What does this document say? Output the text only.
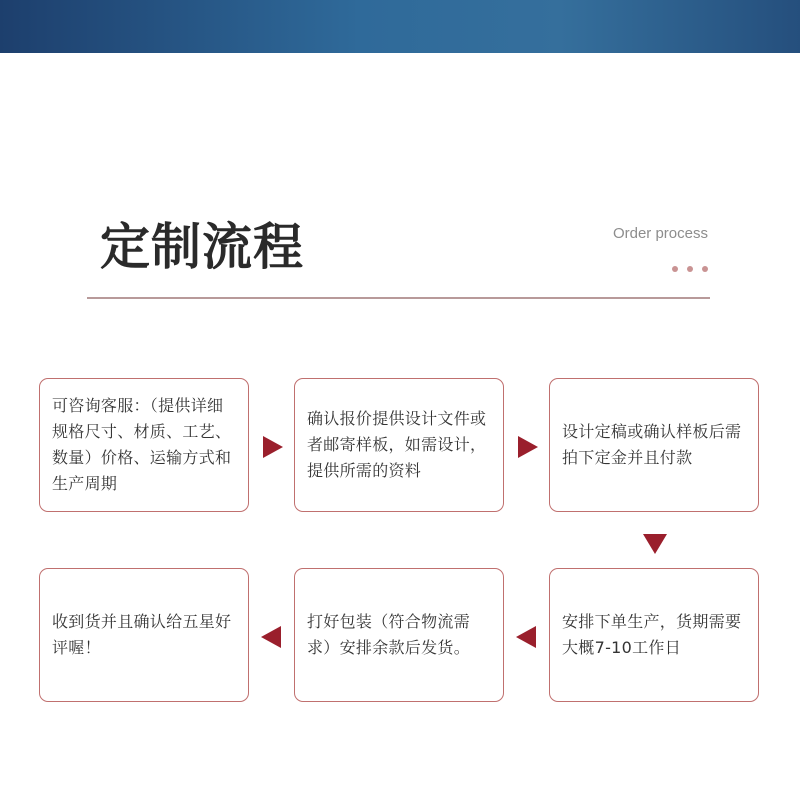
定制流程	Order process
可咨询客服：（提供详细规格尺寸、材质、工艺、数量）价格、运输方式和生产周期
确认报价提供设计文件或者邮寄样板，如需设计，提供所需的资料
设计定稿或确认样板后需拍下定金并且付款
收到货并且确认给五星好评喔！
打好包装（符合物流需求）安排余款后发货。
安排下单生产，货期需要大概7-10工作日
